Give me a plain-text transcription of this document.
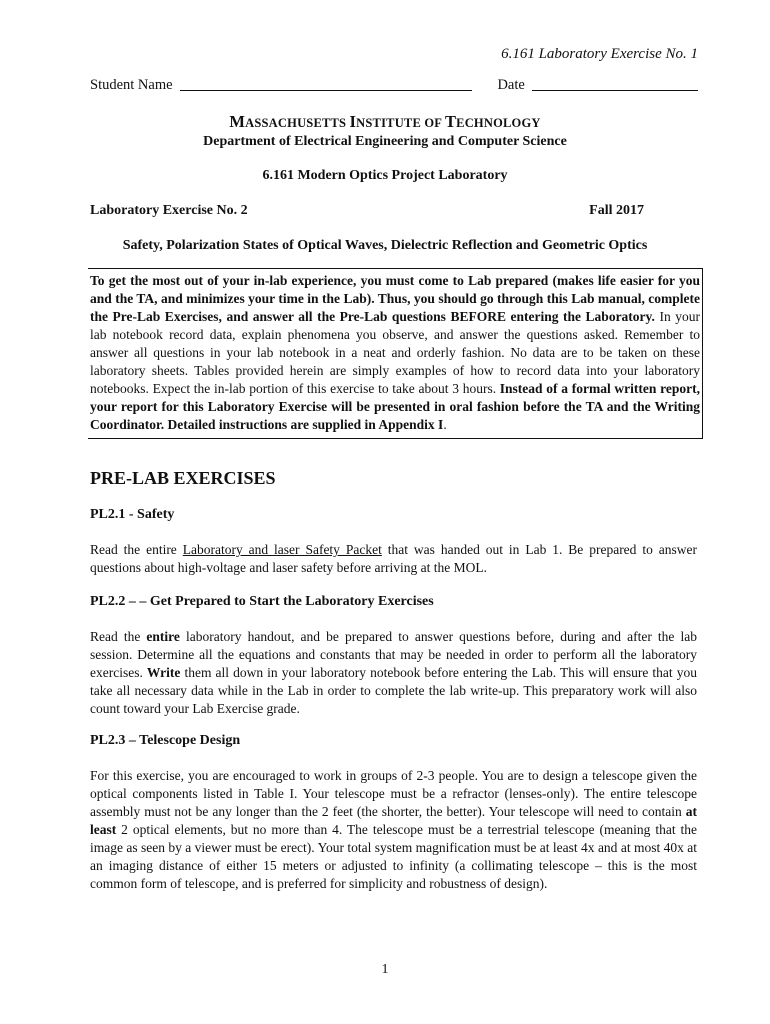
6.161 Laboratory Exercise No. 1
Student Name	Date
MASSACHUSETTS INSTITUTE OF TECHNOLOGY
Department of Electrical Engineering and Computer Science
6.161 Modern Optics Project Laboratory
Laboratory Exercise No. 2	Fall 2017
Safety, Polarization States of Optical Waves, Dielectric Reflection and Geometric Optics
To get the most out of your in-lab experience, you must come to Lab prepared (makes life easier for you and the TA, and minimizes your time in the Lab). Thus, you should go through this Lab manual, complete the Pre-Lab Exercises, and answer all the Pre-Lab questions BEFORE entering the Laboratory. In your lab notebook record data, explain phenomena you observe, and answer the questions asked. Remember to answer all questions in your lab notebook in a neat and orderly fashion. No data are to be taken on these laboratory sheets. Tables provided herein are simply examples of how to record data into your laboratory notebooks. Expect the in-lab portion of this exercise to take about 3 hours. Instead of a formal written report, your report for this Laboratory Exercise will be presented in oral fashion before the TA and the Writing Coordinator. Detailed instructions are supplied in Appendix I.
PRE-LAB EXERCISES
PL2.1 - Safety
Read the entire Laboratory and laser Safety Packet that was handed out in Lab 1. Be prepared to answer questions about high-voltage and laser safety before arriving at the MOL.
PL2.2 – – Get Prepared to Start the Laboratory Exercises
Read the entire laboratory handout, and be prepared to answer questions before, during and after the lab session. Determine all the equations and constants that may be needed in order to perform all the laboratory exercises. Write them all down in your laboratory notebook before entering the Lab. This will ensure that you take all necessary data while in the Lab in order to complete the lab write-up. This preparatory work will also count toward your Lab Exercise grade.
PL2.3 – Telescope Design
For this exercise, you are encouraged to work in groups of 2-3 people. You are to design a telescope given the optical components listed in Table I. Your telescope must be a refractor (lenses-only). The entire telescope assembly must not be any longer than the 2 feet (the shorter, the better). Your telescope will need to contain at least 2 optical elements, but no more than 4. The telescope must be a terrestrial telescope (meaning that the image as seen by a viewer must be erect). Your total system magnification must be at least 4x and at most 40x at an imaging distance of either 15 meters or adjusted to infinity (a collimating telescope – this is the most common form of telescope, and is preferred for simplicity and robustness of design).
1
